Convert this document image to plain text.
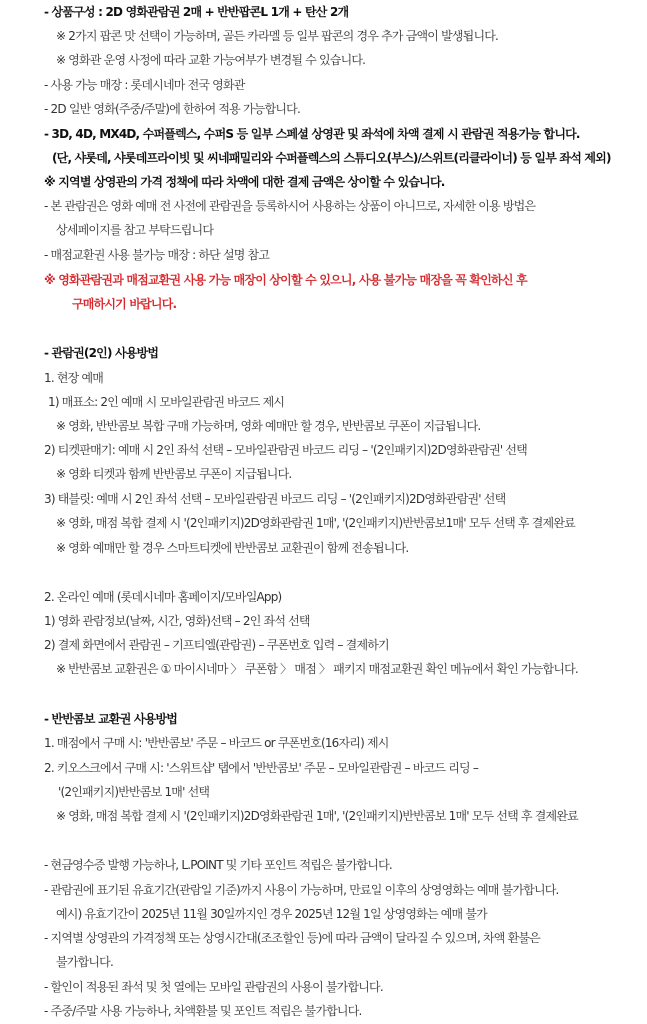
- 상품구성 : 2D 영화관람권 2매 + 반반팝콘L 1개 + 탄산 2개
※ 2가지 팝콘 맛 선택이 가능하며, 골든 카라멜 등 일부 팝콘의 경우 추가 금액이 발생됩니다.
※ 영화관 운영 사정에 따라 교환 가능여부가 변경될 수 있습니다.
- 사용 가능 매장 : 롯데시네마 전국 영화관
- 2D 일반 영화(주중/주말)에 한하여 적용 가능합니다.
- 3D, 4D, MX4D, 수퍼플렉스, 수퍼S 등 일부 스페셜 상영관 및 좌석에 차액 결제 시 관람권 적용가능 합니다.
(단, 샤롯데, 샤롯데프라이빗 및 씨네패밀리와 수퍼플렉스의 스튜디오(부스)/스위트(리클라이너) 등 일부 좌석 제외)
※ 지역별 상영관의 가격 정책에 따라 차액에 대한 결제 금액은 상이할 수 있습니다.
- 본 관람권은 영화 예매 전 사전에 관람권을 등록하시어 사용하는 상품이 아니므로, 자세한 이용 방법은
상세페이지를 참고 부탁드립니다
- 매점교환권 사용 불가능 매장 : 하단 설명 참고
※ 영화관람권과 매점교환권 사용 가능 매장이 상이할 수 있으니, 사용 불가능 매장을 꼭 확인하신 후
구매하시기 바랍니다.
- 관람권(2인) 사용방법
1. 현장 예매
1) 매표소: 2인 예매 시 모바일관람권 바코드 제시
※ 영화, 반반콤보 복합 구매 가능하며, 영화 예매만 할 경우, 반반콤보 쿠폰이 지급됩니다.
2) 티켓판매기: 예매 시 2인 좌석 선택 – 모바일관람권 바코드 리딩 – '(2인패키지)2D영화관람권' 선택
※ 영화 티켓과 함께 반반콤보 쿠폰이 지급됩니다.
3) 태블릿: 예매 시 2인 좌석 선택 – 모바일관람권 바코드 리딩 – '(2인패키지)2D영화관람권' 선택
※ 영화, 매점 복합 결제 시 '(2인패키지)2D영화관람권 1매', '(2인패키지)반반콤보1매' 모두 선택 후 결제완료
※ 영화 예매만 할 경우 스마트티켓에 반반콤보 교환권이 함께 전송됩니다.
2. 온라인 예매 (롯데시네마 홈페이지/모바일App)
1) 영화 관람정보(날짜, 시간, 영화)선택 – 2인 좌석 선택
2) 결제 화면에서 관람권 – 기프티엘(관람권) – 쿠폰번호 입력 – 결제하기
※ 반반콤보 교환권은 ① 마이시네마 〉 쿠폰함 〉 매점 〉 패키지 매점교환권 확인 메뉴에서 확인 가능합니다.
- 반반콤보 교환권 사용방법
1. 매점에서 구매 시: '반반콤보' 주문 – 바코드 or 쿠폰번호(16자리) 제시
2. 키오스크에서 구매 시: '스위트샵' 탭에서 '반반콤보' 주문 – 모바일관람권 – 바코드 리딩 –
'(2인패키지)반반콤보 1매' 선택
※ 영화, 매점 복합 결제 시 '(2인패키지)2D영화관람권 1매', '(2인패키지)반반콤보 1매' 모두 선택 후 결제완료
- 현금영수증 발행 가능하나, L.POINT 및 기타 포인트 적립은 불가합니다.
- 관람권에 표기된 유효기간(관람일 기준)까지 사용이 가능하며, 만료일 이후의 상영영화는 예매 불가합니다.
예시) 유효기간이 2025년 11월 30일까지인 경우 2025년 12월 1일 상영영화는 예매 불가
- 지역별 상영관의 가격정책 또는 상영시간대(조조할인 등)에 따라 금액이 달라질 수 있으며, 차액 환불은
불가합니다.
- 할인이 적용된 좌석 및 첫 열에는 모바일 관람권의 사용이 불가합니다.
- 주중/주말 사용 가능하나, 차액환불 및 포인트 적립은 불가합니다.
